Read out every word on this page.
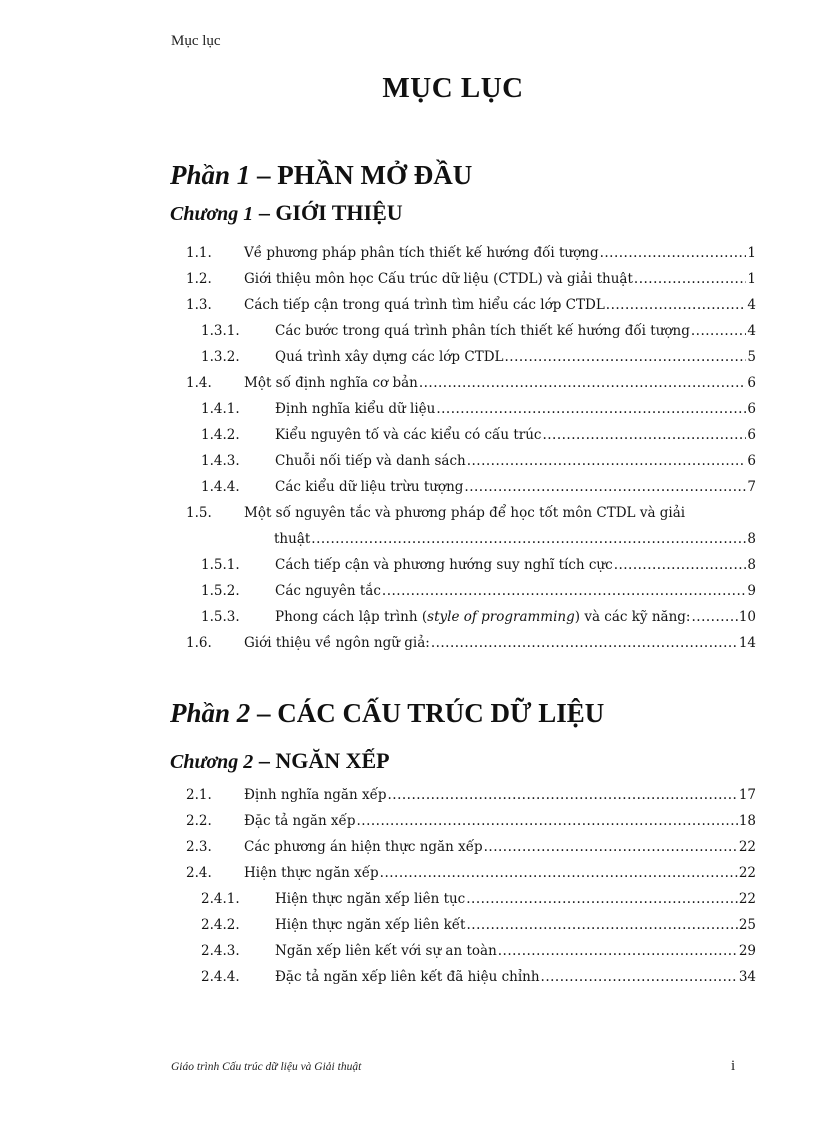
Mục lục
MỤC LỤC
Phần 1 – PHẦN MỞ ĐẦU
Chương 1 – GIỚI THIỆU
1.1. Về phương pháp phân tích thiết kế hướng đối tượng .....	1
1.2. Giới thiệu môn học Cấu trúc dữ liệu (CTDL) và giải thuật .....	1
1.3. Cách tiếp cận trong quá trình tìm hiểu các lớp CTDL .....	4
1.3.1.	Các bước trong quá trình phân tích thiết kế hướng đối tượng .....	4
1.3.2.	Quá trình xây dựng các lớp CTDL .....	5
1.4. Một số định nghĩa cơ bản .....	6
1.4.1.	Định nghĩa kiểu dữ liệu .....	6
1.4.2.	Kiểu nguyên tố và các kiểu có cấu trúc .....	6
1.4.3.	Chuỗi nối tiếp và danh sách .....	6
1.4.4.	Các kiểu dữ liệu trừu tượng .....	7
1.5. Một số nguyên tắc và phương pháp để học tốt môn CTDL và giải
thuật .....	8
1.5.1.	Cách tiếp cận và phương hướng suy nghĩ tích cực .....	8
1.5.2.	Các nguyên tắc .....	9
1.5.3.	Phong cách lập trình (style of programming) và các kỹ năng: .....	10
1.6. Giới thiệu về ngôn ngữ giả: .....	14
Phần 2 – CÁC CẤU TRÚC DỮ LIỆU
Chương 2 – NGĂN XẾP
2.1. Định nghĩa ngăn xếp .....	17
2.2. Đặc tả ngăn xếp .....	18
2.3. Các phương án hiện thực ngăn xếp .....	22
2.4. Hiện thực ngăn xếp .....	22
2.4.1.	Hiện thực ngăn xếp liên tục .....	22
2.4.2.	Hiện thực ngăn xếp liên kết .....	25
2.4.3.	Ngăn xếp liên kết với sự an toàn .....	29
2.4.4.	Đặc tả ngăn xếp liên kết đã hiệu chỉnh .....	34
Giáo trình Cấu trúc dữ liệu và Giải thuật	i
